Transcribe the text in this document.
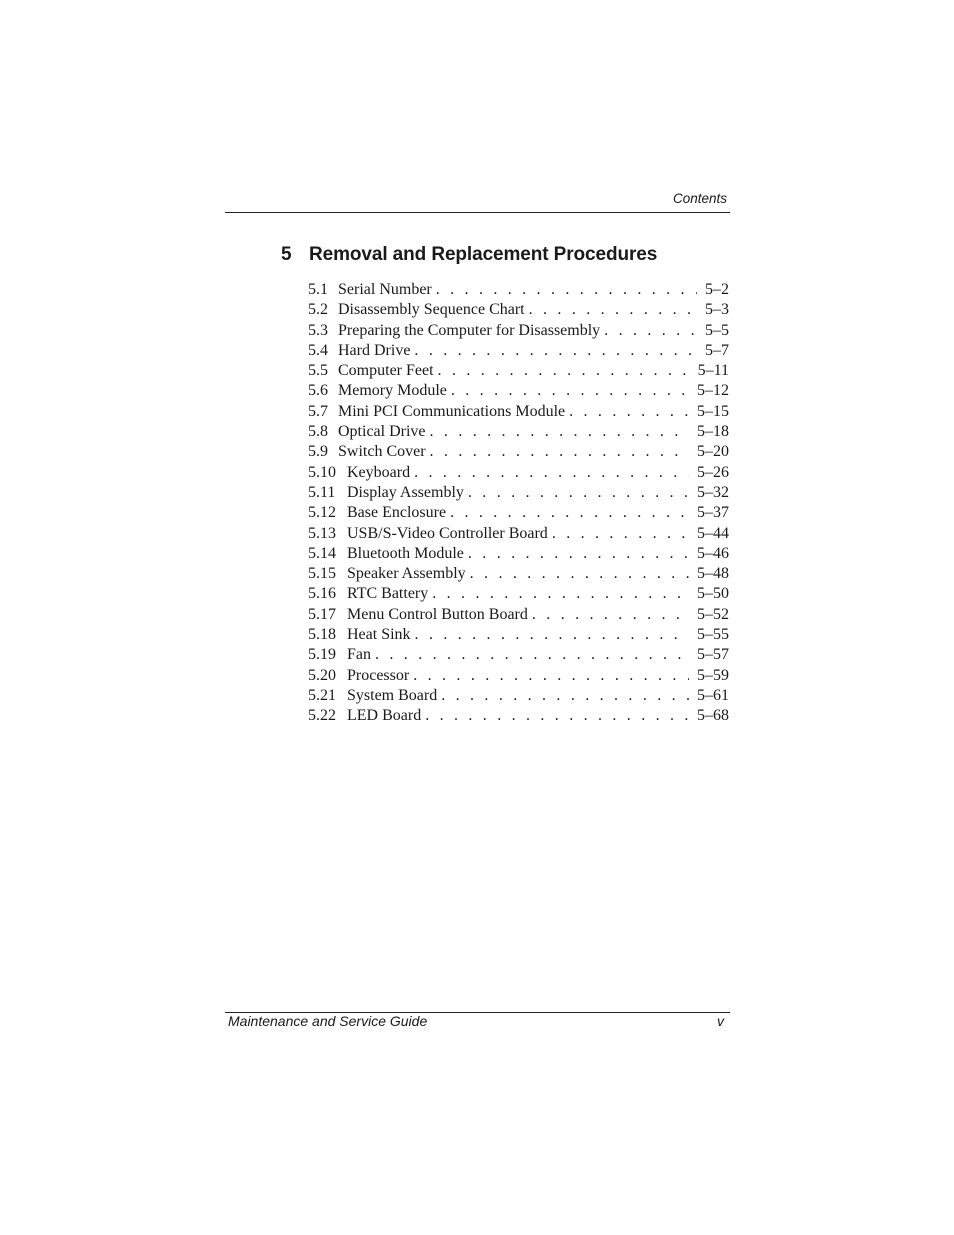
Contents
5 Removal and Replacement Procedures
5.1 Serial Number . . .	5–2
5.2 Disassembly Sequence Chart . . .	5–3
5.3 Preparing the Computer for Disassembly . . .	5–5
5.4 Hard Drive . . .	5–7
5.5 Computer Feet . . .	5–11
5.6 Memory Module . . .	5–12
5.7 Mini PCI Communications Module . . .	5–15
5.8 Optical Drive . . .	5–18
5.9 Switch Cover . . .	5–20
5.10 Keyboard . . .	5–26
5.11 Display Assembly . . .	5–32
5.12 Base Enclosure . . .	5–37
5.13 USB/S-Video Controller Board . . .	5–44
5.14 Bluetooth Module . . .	5–46
5.15 Speaker Assembly . . .	5–48
5.16 RTC Battery . . .	5–50
5.17 Menu Control Button Board . . .	5–52
5.18 Heat Sink . . .	5–55
5.19 Fan . . .	5–57
5.20 Processor . . .	5–59
5.21 System Board . . .	5–61
5.22 LED Board . . .	5–68
Maintenance and Service Guide	v
